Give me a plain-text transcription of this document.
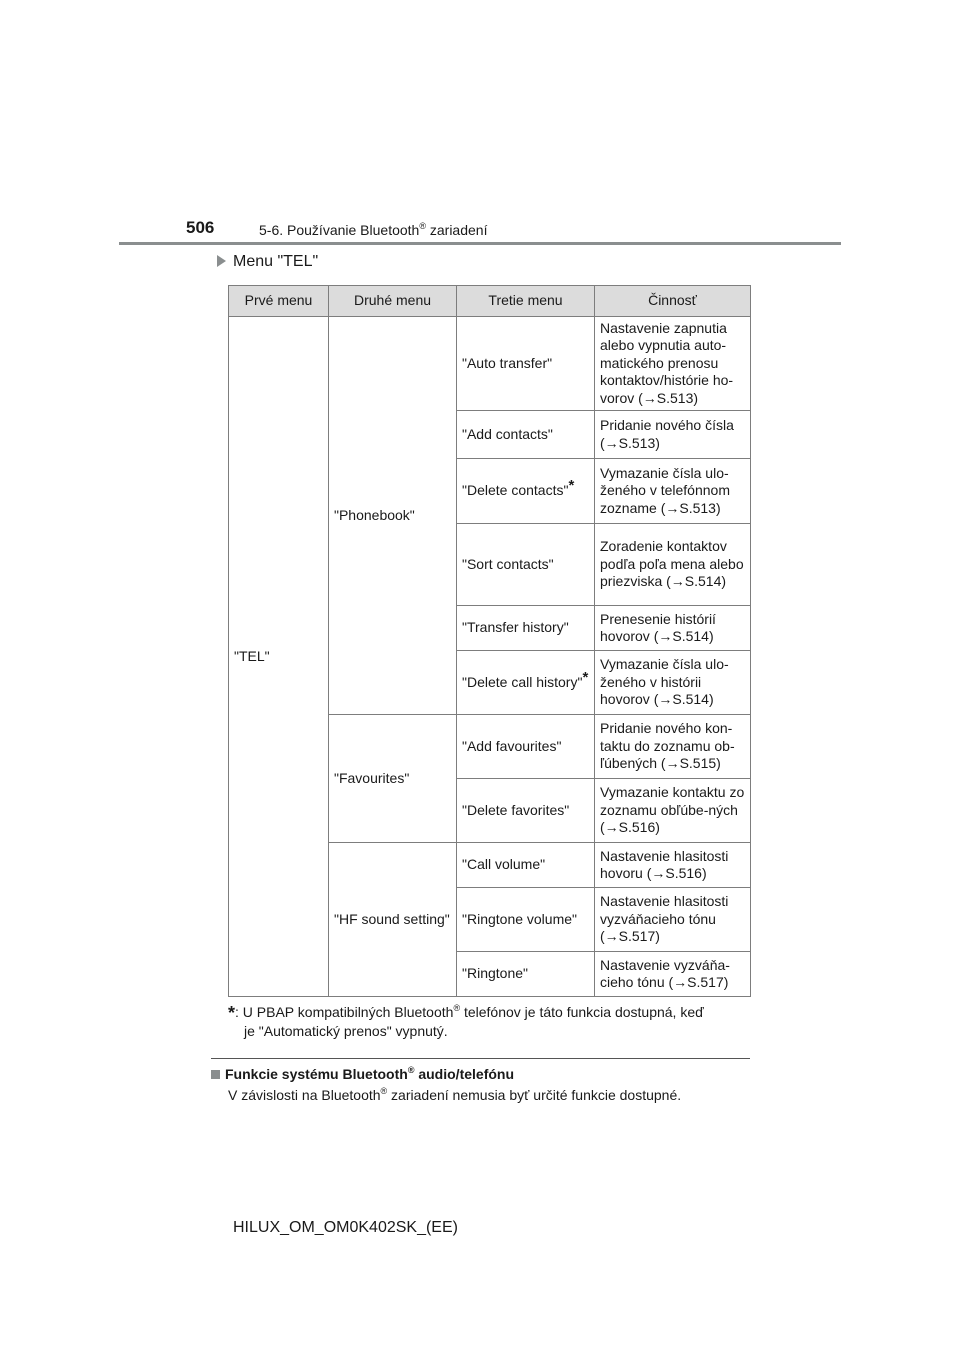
506	5-6. Používanie Bluetooth® zariadení
Menu "TEL"
Prvé menu	Druhé menu	Tretie menu	Činnosť
"TEL"	"Phonebook"	"Auto transfer"	Nastavenie zapnutia alebo vypnutia auto-matického prenosu kontaktov/histórie ho-vorov (→S.513)
		"Add contacts"	Pridanie nového čísla (→S.513)
		"Delete contacts"*	Vymazanie čísla ulo-ženého v telefónnom zozname (→S.513)
		"Sort contacts"	Zoradenie kontaktov podľa poľa mena alebo priezviska (→S.514)
		"Transfer history"	Prenesenie histórií hovorov (→S.514)
		"Delete call history"*	Vymazanie čísla ulo-ženého v histórii hovorov (→S.514)
	"Favourites"	"Add favourites"	Pridanie nového kon-taktu do zoznamu ob-ľúbených (→S.515)
		"Delete favorites"	Vymazanie kontaktu zo zoznamu obľúbe-ných (→S.516)
	"HF sound setting"	"Call volume"	Nastavenie hlasitosti hovoru (→S.516)
		"Ringtone volume"	Nastavenie hlasitosti vyzváňacieho tónu (→S.517)
		"Ringtone"	Nastavenie vyzváňa-cieho tónu (→S.517)
*: U PBAP kompatibilných Bluetooth® telefónov je táto funkcia dostupná, keď
je "Automatický prenos" vypnutý.
Funkcie systému Bluetooth® audio/telefónu
V závislosti na Bluetooth® zariadení nemusia byť určité funkcie dostupné.
HILUX_OM_OM0K402SK_(EE)
